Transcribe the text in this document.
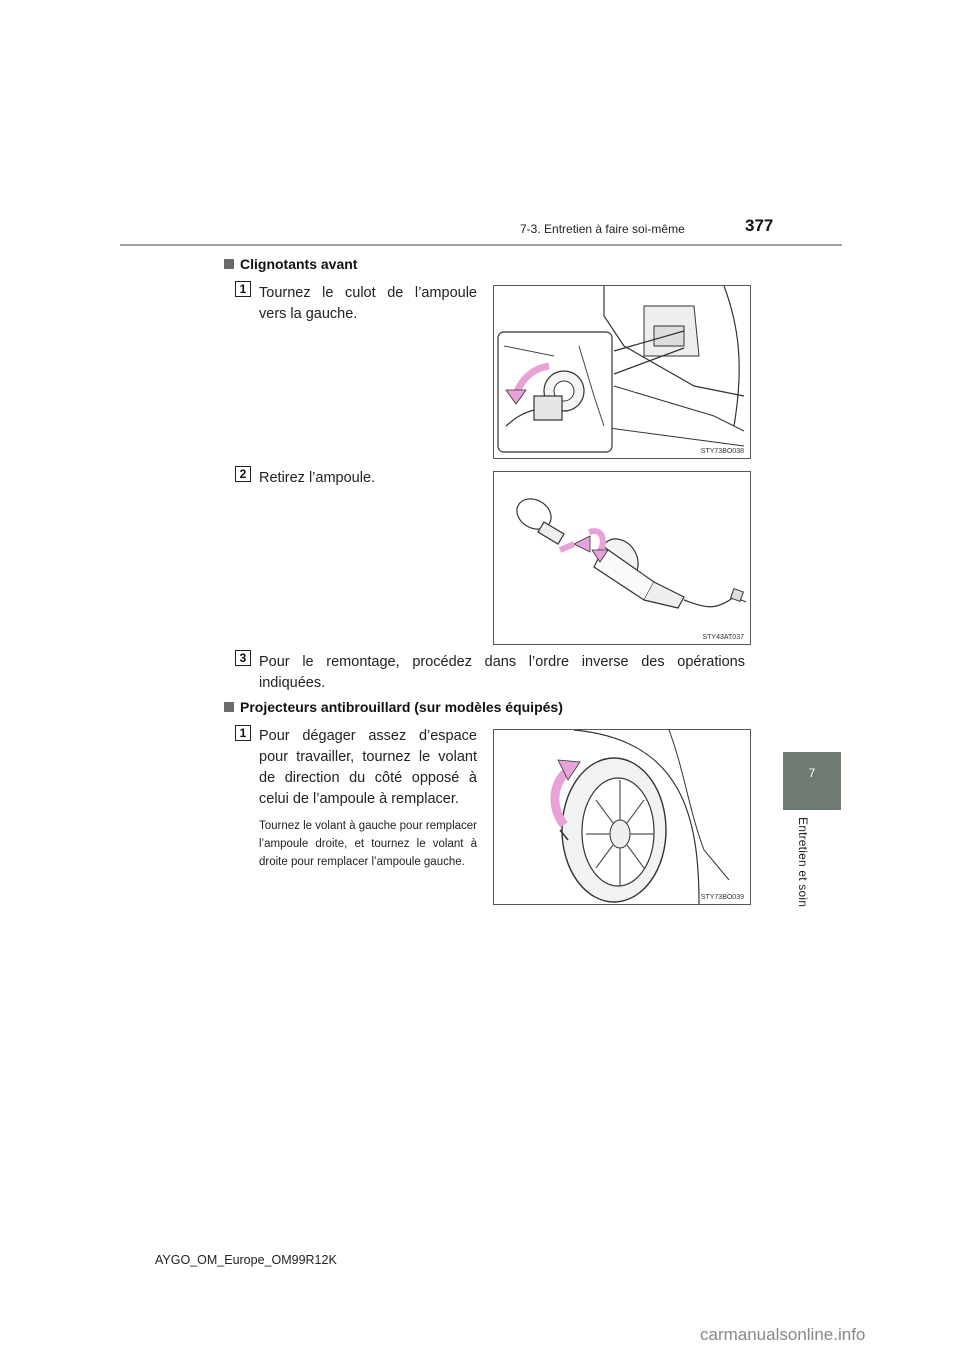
7-3. Entretien à faire soi-même	377
7
Entretien et soin
Clignotants avant
1 Tournez le culot de l’ampoule vers la gauche.
STY73BO038
2 Retirez l’ampoule.
STY43AT037
3 Pour le remontage, procédez dans l’ordre inverse des opérations indiquées.
Projecteurs antibrouillard (sur modèles équipés)
1 Pour dégager assez d’espace pour travailler, tournez le volant de direction du côté opposé à celui de l’ampoule à remplacer.
Tournez le volant à gauche pour remplacer l’ampoule droite, et tournez le volant à droite pour remplacer l’ampoule gauche.
STY73BO039
AYGO_OM_Europe_OM99R12K
carmanualsonline.info
